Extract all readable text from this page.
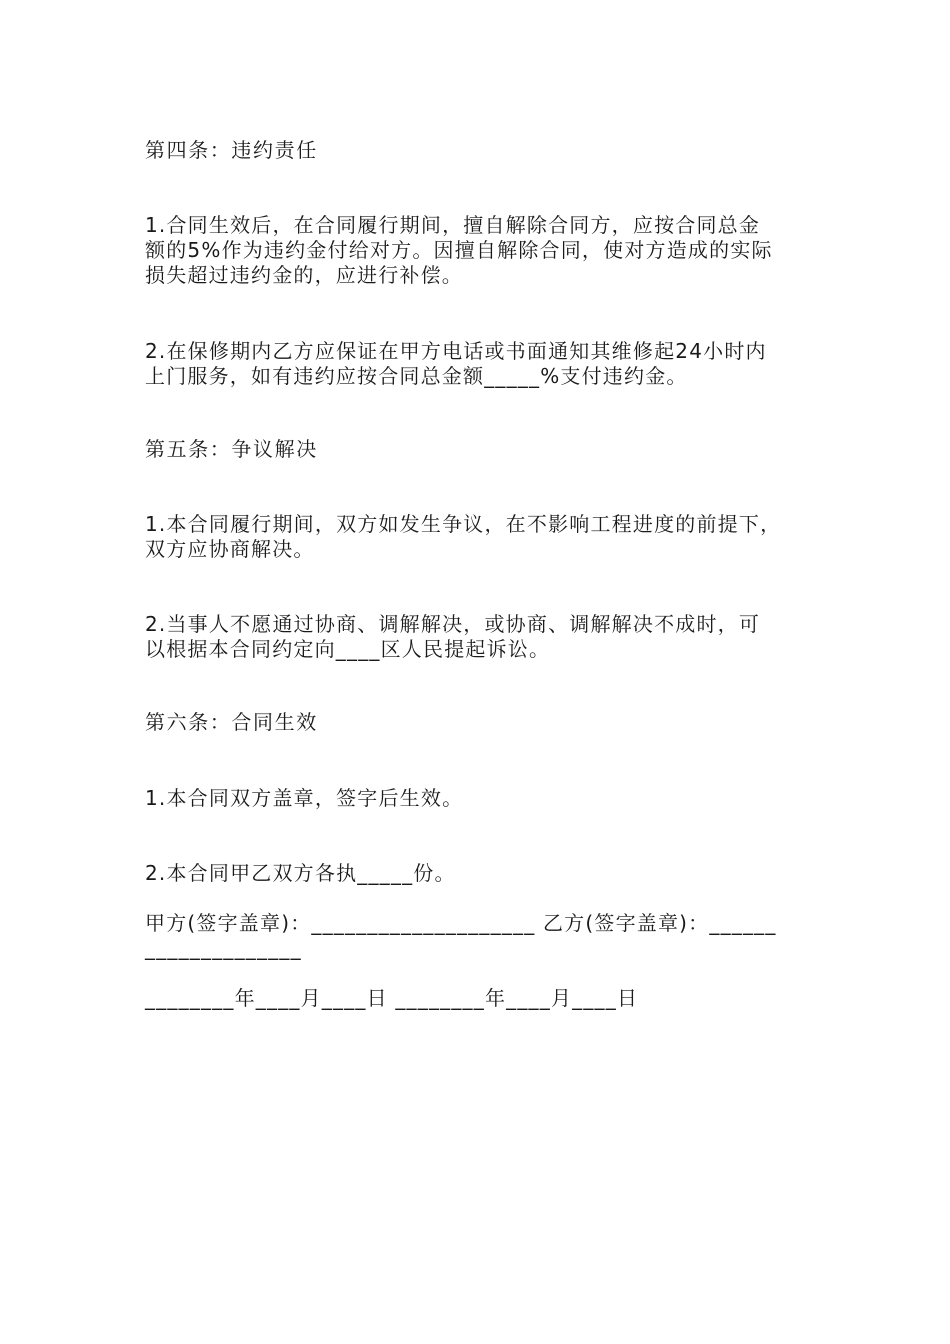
第四条：违约责任
1.合同生效后，在合同履行期间，擅自解除合同方，应按合同总金
额的5%作为违约金付给对方。因擅自解除合同，使对方造成的实际
损失超过违约金的，应进行补偿。
2.在保修期内乙方应保证在甲方电话或书面通知其维修起24小时内
上门服务，如有违约应按合同总金额_____%支付违约金。
第五条：争议解决
1.本合同履行期间，双方如发生争议，在不影响工程进度的前提下，
双方应协商解决。
2.当事人不愿通过协商、调解解决，或协商、调解解决不成时，可
以根据本合同约定向____区人民提起诉讼。
第六条：合同生效
1.本合同双方盖章，签字后生效。
2.本合同甲乙双方各执_____份。
甲方(签字盖章)：____________________ 乙方(签字盖章)：______
______________
________年____月____日 ________年____月____日
